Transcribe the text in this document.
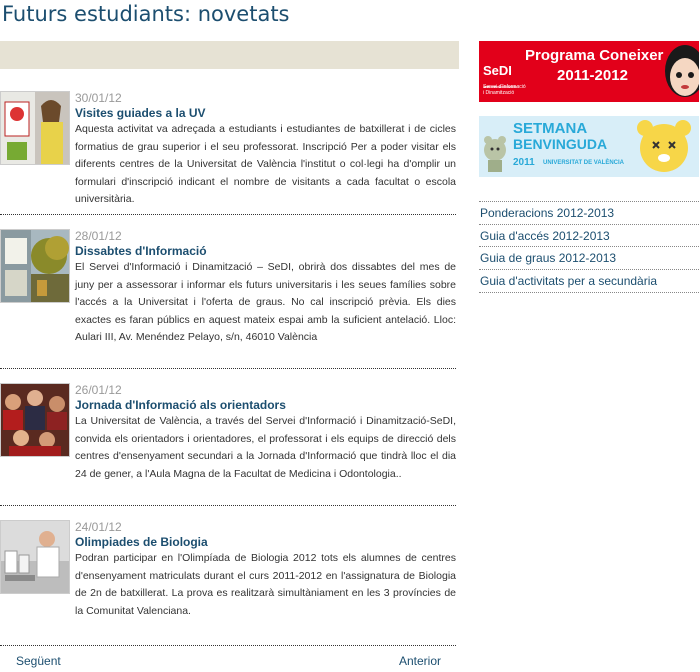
Futurs estudiants: novetats
30/01/12
Visites guiades a la UV
Aquesta activitat va adreçada a estudiants i estudiantes de batxillerat i de cicles formatius de grau superior i el seu professorat. Inscripció Per a poder visitar els diferents centres de la Universitat de València l'institut o col·legi ha d'omplir un formulari d'inscripció indicant el nombre de visitants a cada facultat o escola universitària.
28/01/12
Dissabtes d'Informació
El Servei d'Informació i Dinamització – SeDI, obrirà dos dissabtes del mes de juny per a assessorar i informar els futurs universitaris i les seues famílies sobre l'accés a la Universitat i l'oferta de graus. No cal inscripció prèvia. Els dies exactes es faran públics en aquest mateix espai amb la suficient antelació. Lloc: Aulari III, Av. Menéndez Pelayo, s/n, 46010 València
26/01/12
Jornada d'Informació als orientadors
La Universitat de València, a través del Servei d'Informació i Dinamització-SeDI, convida els orientadors i orientadores, el professorat i els equips de direcció dels centres d'ensenyament secundari a la Jornada d'Informació que tindrà lloc el dia 24 de gener, a l'Aula Magna de la Facultat de Medicina i Odontologia..
24/01/12
Olimpiades de Biologia
Podran participar en l'Olimpíada de Biologia 2012 tots els alumnes de centres d'ensenyament matriculats durant el curs 2011-2012 en l'assignatura de Biologia de 2n de batxillerat. La prova es realitzarà simultàniament en les 3 províncies de la Comunitat Valenciana.
Següent	Anterior
SeDI
Servei d'Informació
i Dinamització
Programa Coneixer
2011-2012
SETMANA
BENVINGUDA
2011 UNIVERSITAT DE VALÈNCIA
Ponderacions 2012-2013
Guia d'accés 2012-2013
Guia de graus 2012-2013
Guia d'activitats per a secundària
